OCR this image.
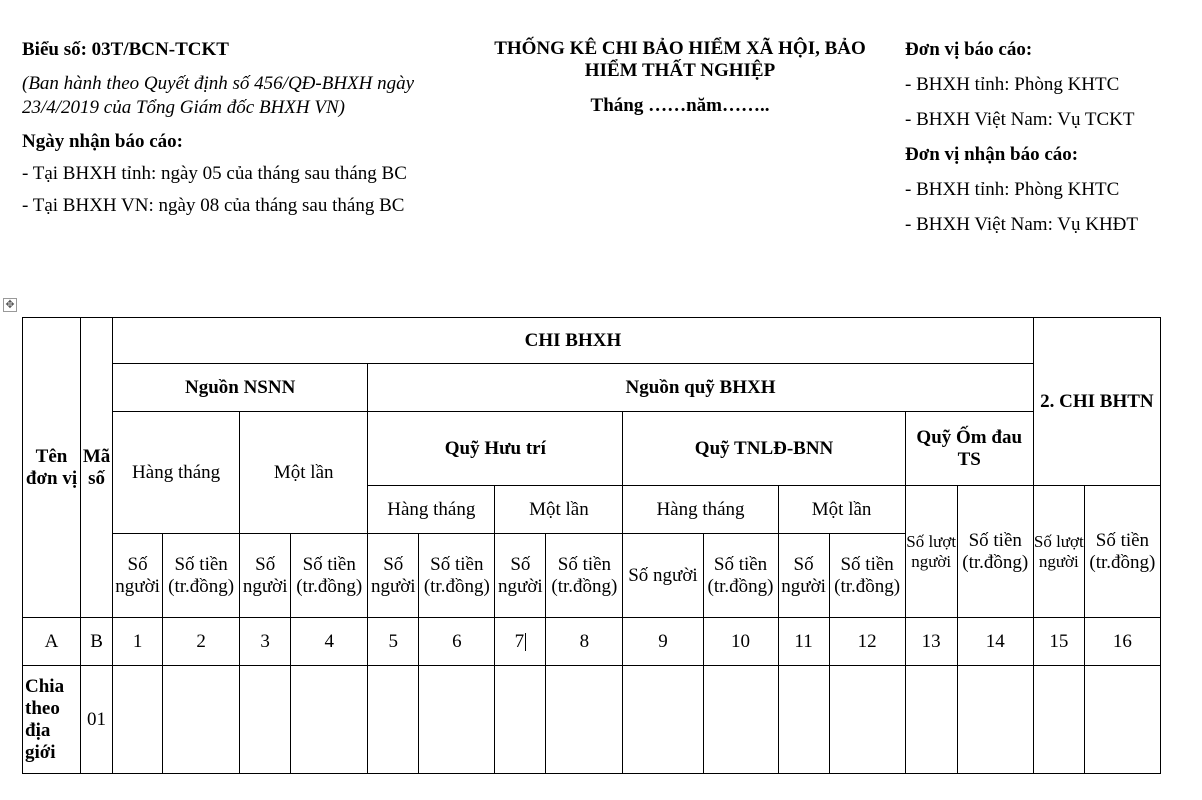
Biểu số: 03T/BCN-TCKT
(Ban hành theo Quyết định số 456/QĐ-BHXH ngày 23/4/2019 của Tổng Giám đốc BHXH VN)
Ngày nhận báo cáo:
- Tại BHXH tỉnh: ngày 05 của tháng sau tháng BC
- Tại BHXH VN: ngày 08 của tháng sau tháng BC
THỐNG KÊ CHI BẢO HIỂM XÃ HỘI, BẢO HIỂM THẤT NGHIỆP
Tháng ……năm……..
Đơn vị báo cáo:
- BHXH tỉnh: Phòng KHTC
- BHXH Việt Nam: Vụ TCKT
Đơn vị nhận báo cáo:
- BHXH tỉnh: Phòng KHTC
- BHXH Việt Nam: Vụ KHĐT
✥
Tên đơn vị	Mã số	CHI BHXH														2. CHI BHTN	
		Nguồn NSNN				Nguồn quỹ BHXH											
		Hàng tháng		Một lần		Quỹ Hưu trí				Quỹ TNLĐ-BNN				Quỹ Ốm đau TS			
						Hàng tháng		Một lần		Hàng tháng		Một lần		Số lượt người	Số tiền (tr.đồng)	Số lượt người	Số tiền (tr.đồng)
		Số người	Số tiền (tr.đồng)	Số người	Số tiền (tr.đồng)	Số người	Số tiền (tr.đồng)	Số người	Số tiền (tr.đồng)	Số người	Số tiền (tr.đồng)	Số người	Số tiền (tr.đồng)				
A	B	1	2	3	4	5	6	7	8	9	10	11	12	13	14	15	16
Chia theo địa giới	01																
